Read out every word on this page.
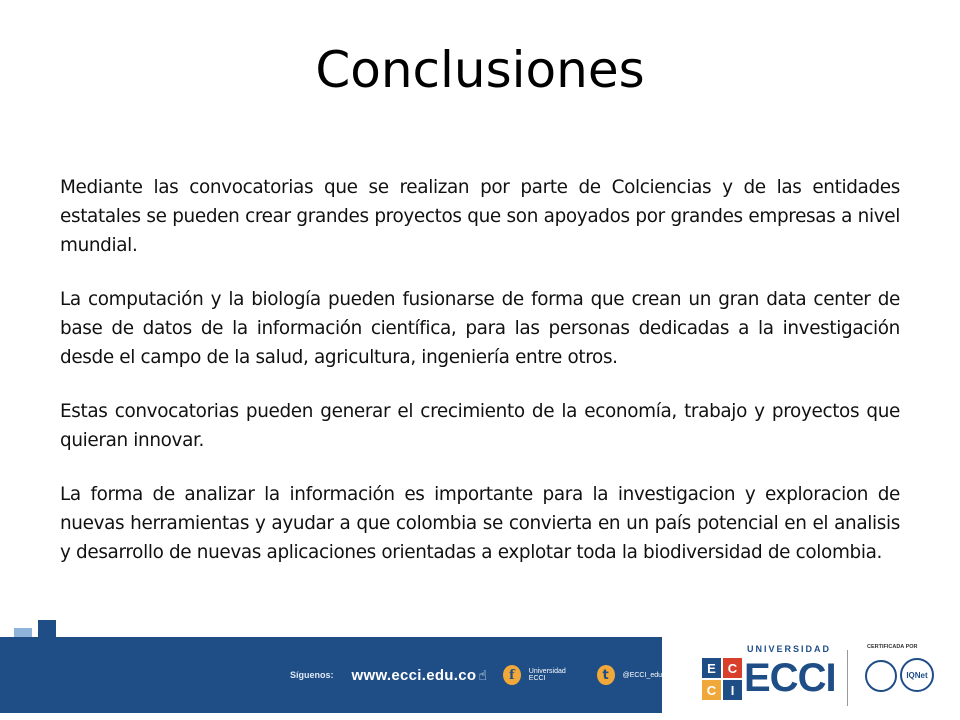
Conclusiones

Mediante las convocatorias que se realizan por parte de Colciencias y de las entidades estatales se pueden crear grandes proyectos que son apoyados por grandes empresas a nivel mundial.

La computación y la biología pueden fusionarse de forma que crean un gran data center de base de datos de la información científica, para las personas dedicadas a la investigación desde el campo de la salud, agricultura, ingeniería entre otros.

Estas convocatorias pueden generar el crecimiento de la economía, trabajo y proyectos que quieran innovar.

La forma de analizar la información es importante para la investigacion y exploracion de nuevas herramientas y ayudar a que colombia se convierta en un país potencial en el analisis y desarrollo de nuevas aplicaciones orientadas a explotar toda la biodiversidad de colombia.

Síguenos: www.ecci.edu.co ☝	f	Universidad ECCI	t	@ECCI_edu	E C
C	I
UNIVERSIDAD
ECCI
CERTIFICADA POR
IQNet
